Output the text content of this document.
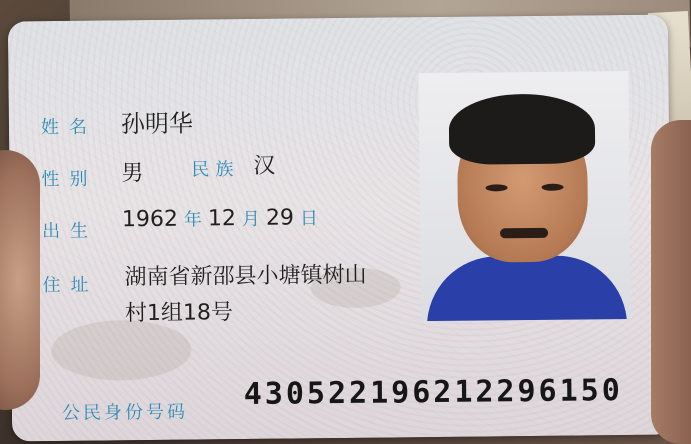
姓名 孙明华
性别 男	民族 汉
出生 1962 年 12 月 29 日
住址 湖南省新邵县小塘镇树山
村1组18号
公民身份号码
430522196212296150
